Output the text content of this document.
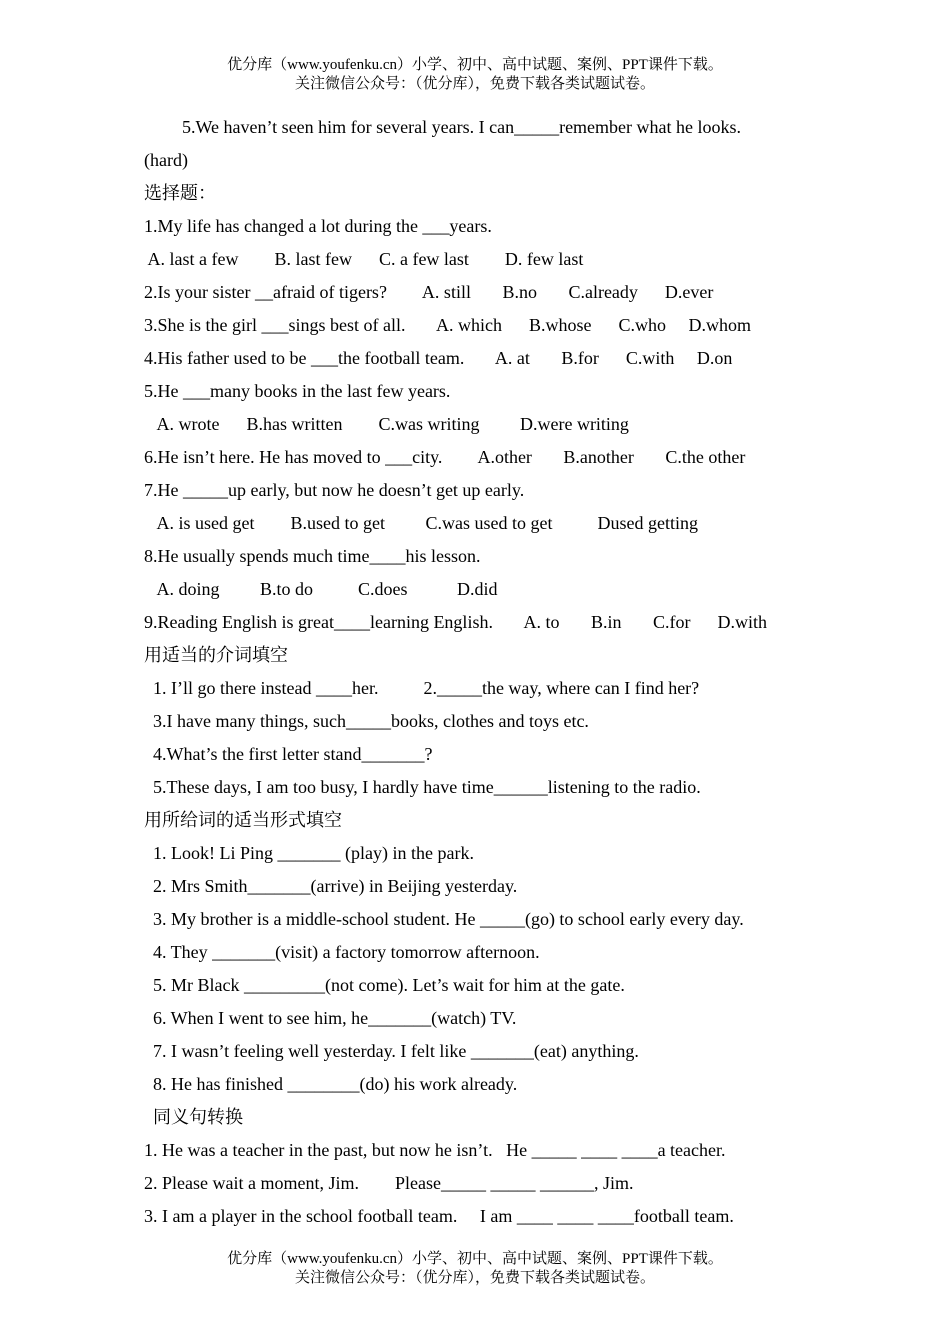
优分库（www.youfenku.cn）小学、初中、高中试题、案例、PPT课件下载。
关注微信公众号：（优分库），免费下载各类试题试卷。
5.We haven’t seen him for several years. I can_____remember what he looks.
(hard)
选择题：
1.My life has changed a lot during the ___years.
A. last a few        B. last few      C. a few last        D. few last
2.Is your sister __afraid of tigers?        A. still       B.no       C.already      D.ever
3.She is the girl ___sings best of all.       A. which      B.whose      C.who     D.whom
4.His father used to be ___the football team.       A. at       B.for      C.with     D.on
5.He ___many books in the last few years.
A. wrote      B.has written        C.was writing         D.were writing
6.He isn’t here. He has moved to ___city.        A.other       B.another       C.the other
7.He _____up early, but now he doesn’t get up early.
A. is used get        B.used to get         C.was used to get          Dused getting
8.He usually spends much time____his lesson.
A. doing         B.to do          C.does           D.did
9.Reading English is great____learning English.       A. to       B.in       C.for      D.with
用适当的介词填空
1. I’ll go there instead ____her.          2._____the way, where can I find her?
3.I have many things, such_____books, clothes and toys etc.
4.What’s the first letter stand_______?
5.These days, I am too busy, I hardly have time______listening to the radio.
用所给词的适当形式填空
1. Look! Li Ping _______ (play) in the park.
2. Mrs Smith_______(arrive) in Beijing yesterday.
3. My brother is a middle-school student. He _____(go) to school early every day.
4. They _______(visit) a factory tomorrow afternoon.
5. Mr Black _________(not come). Let’s wait for him at the gate.
6. When I went to see him, he_______(watch) TV.
7. I wasn’t feeling well yesterday. I felt like _______(eat) anything.
8. He has finished ________(do) his work already.
同义句转换
1. He was a teacher in the past, but now he isn’t.   He _____ ____ ____a teacher.
2. Please wait a moment, Jim.        Please_____ _____ ______, Jim.
3. I am a player in the school football team.     I am ____ ____ ____football team.
优分库（www.youfenku.cn）小学、初中、高中试题、案例、PPT课件下载。
关注微信公众号：（优分库），免费下载各类试题试卷。
